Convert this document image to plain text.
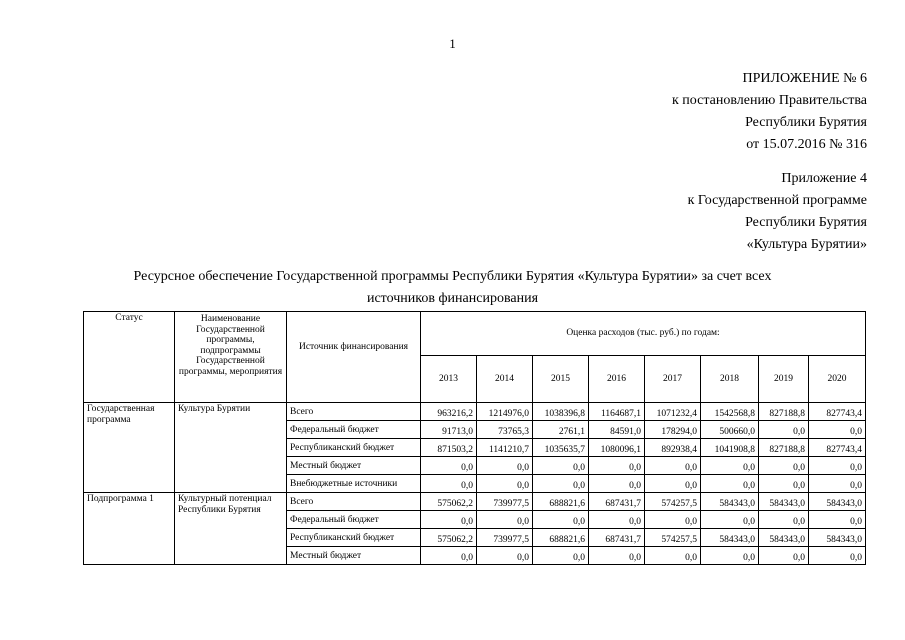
1
ПРИЛОЖЕНИЕ № 6
к постановлению Правительства
Республики Бурятия
от 15.07.2016 № 316
Приложение 4
к Государственной программе
Республики Бурятия
«Культура Бурятии»
Ресурсное обеспечение Государственной программы Республики Бурятия «Культура Бурятии» за счет всех
источников финансирования
Статус	Наименование Государственной программы, подпрограммы Государственной программы, мероприятия	Источник финансирования	Оценка расходов (тыс. руб.) по годам:							
			2013	2014	2015	2016	2017	2018	2019	2020
Государственная программа	Культура Бурятии	Всего	963216,2	1214976,0	1038396,8	1164687,1	1071232,4	1542568,8	827188,8	827743,4
		Федеральный бюджет	91713,0	73765,3	2761,1	84591,0	178294,0	500660,0	0,0	0,0
		Республиканский бюджет	871503,2	1141210,7	1035635,7	1080096,1	892938,4	1041908,8	827188,8	827743,4
		Местный бюджет	0,0	0,0	0,0	0,0	0,0	0,0	0,0	0,0
		Внебюджетные источники	0,0	0,0	0,0	0,0	0,0	0,0	0,0	0,0
Подпрограмма 1	Культурный потенциал Республики Бурятия	Всего	575062,2	739977,5	688821,6	687431,7	574257,5	584343,0	584343,0	584343,0
		Федеральный бюджет	0,0	0,0	0,0	0,0	0,0	0,0	0,0	0,0
		Республиканский бюджет	575062,2	739977,5	688821,6	687431,7	574257,5	584343,0	584343,0	584343,0
		Местный бюджет	0,0	0,0	0,0	0,0	0,0	0,0	0,0	0,0
